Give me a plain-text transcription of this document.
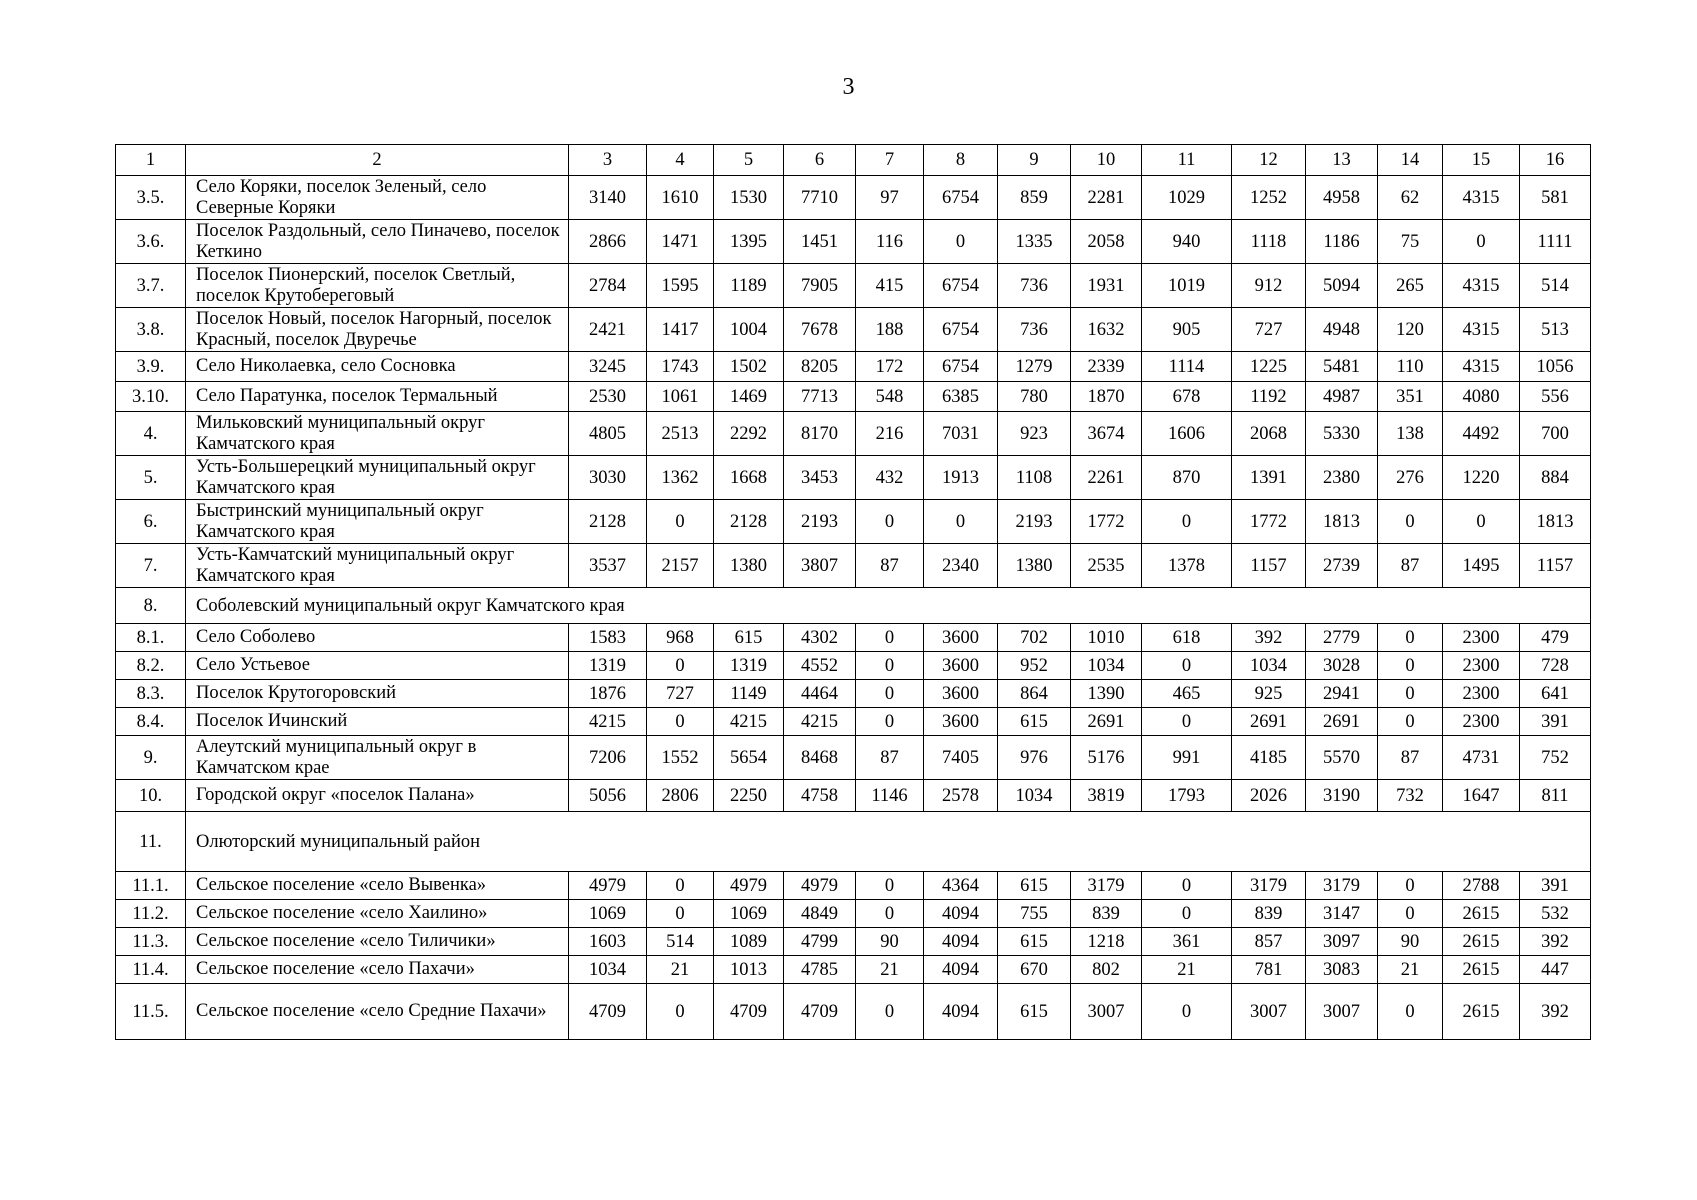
3
1	2	3	4	5	6	7	8	9	10	11	12	13	14	15	16
3.5.	Село Коряки, поселок Зеленый, село Северные Коряки	3140	1610	1530	7710	97	6754	859	2281	1029	1252	4958	62	4315	581
3.6.	Поселок Раздольный, село Пиначево, поселок Кеткино	2866	1471	1395	1451	116	0	1335	2058	940	1118	1186	75	0	1111
3.7.	Поселок Пионерский, поселок Светлый, поселок Крутобереговый	2784	1595	1189	7905	415	6754	736	1931	1019	912	5094	265	4315	514
3.8.	Поселок Новый, поселок Нагорный, поселок Красный, поселок Двуречье	2421	1417	1004	7678	188	6754	736	1632	905	727	4948	120	4315	513
3.9.	Село Николаевка, село Сосновка	3245	1743	1502	8205	172	6754	1279	2339	1114	1225	5481	110	4315	1056
3.10.	Село Паратунка, поселок Термальный	2530	1061	1469	7713	548	6385	780	1870	678	1192	4987	351	4080	556
4.	Мильковский муниципальный округ Камчатского края	4805	2513	2292	8170	216	7031	923	3674	1606	2068	5330	138	4492	700
5.	Усть-Большерецкий муниципальный округ Камчатского края	3030	1362	1668	3453	432	1913	1108	2261	870	1391	2380	276	1220	884
6.	Быстринский муниципальный округ Камчатского края	2128	0	2128	2193	0	0	2193	1772	0	1772	1813	0	0	1813
7.	Усть-Камчатский муниципальный округ Камчатского края	3537	2157	1380	3807	87	2340	1380	2535	1378	1157	2739	87	1495	1157
8.	Соболевский муниципальный округ Камчатского края														
8.1.	Село Соболево	1583	968	615	4302	0	3600	702	1010	618	392	2779	0	2300	479
8.2.	Село Устьевое	1319	0	1319	4552	0	3600	952	1034	0	1034	3028	0	2300	728
8.3.	Поселок Крутогоровский	1876	727	1149	4464	0	3600	864	1390	465	925	2941	0	2300	641
8.4.	Поселок Ичинский	4215	0	4215	4215	0	3600	615	2691	0	2691	2691	0	2300	391
9.	Алеутский муниципальный округ в Камчатском крае	7206	1552	5654	8468	87	7405	976	5176	991	4185	5570	87	4731	752
10.	Городской округ «поселок Палана»	5056	2806	2250	4758	1146	2578	1034	3819	1793	2026	3190	732	1647	811
11.	Олюторский муниципальный район														
11.1.	Сельское поселение «село Вывенка»	4979	0	4979	4979	0	4364	615	3179	0	3179	3179	0	2788	391
11.2.	Сельское поселение «село Хаилино»	1069	0	1069	4849	0	4094	755	839	0	839	3147	0	2615	532
11.3.	Сельское поселение «село Тиличики»	1603	514	1089	4799	90	4094	615	1218	361	857	3097	90	2615	392
11.4.	Сельское поселение «село Пахачи»	1034	21	1013	4785	21	4094	670	802	21	781	3083	21	2615	447
11.5.	Сельское поселение «село Средние Пахачи»	4709	0	4709	4709	0	4094	615	3007	0	3007	3007	0	2615	392
